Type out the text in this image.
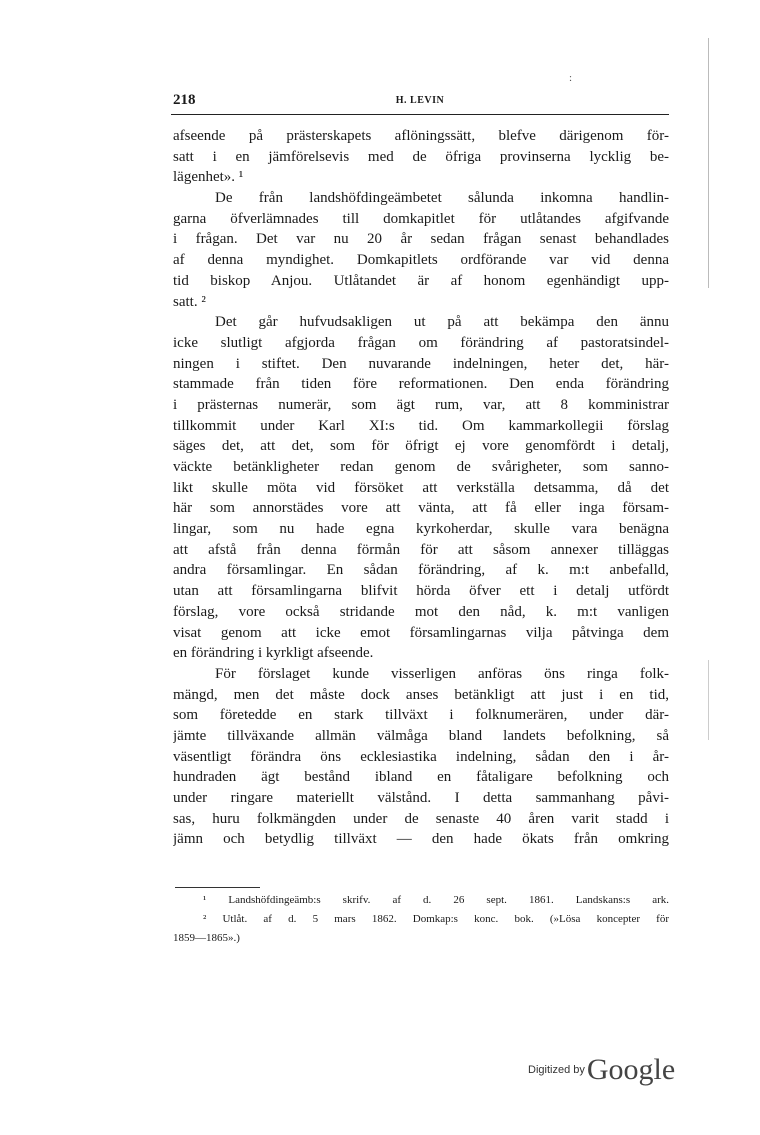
:
218	H. LEVIN
afseende på prästerskapets aflöningssätt, blefve därigenom för-
satt i en jämförelsevis med de öfriga provinserna lycklig be-
lägenhet». ¹
De från landshöfdingeämbetet sålunda inkomna handlin-
garna öfverlämnades till domkapitlet för utlåtandes afgifvande
i frågan. Det var nu 20 år sedan frågan senast behandlades
af denna myndighet. Domkapitlets ordförande var vid denna
tid biskop Anjou. Utlåtandet är af honom egenhändigt upp-
satt. ²
Det går hufvudsakligen ut på att bekämpa den ännu
icke slutligt afgjorda frågan om förändring af pastoratsindel-
ningen i stiftet. Den nuvarande indelningen, heter det, här-
stammade från tiden före reformationen. Den enda förändring
i prästernas numerär, som ägt rum, var, att 8 komministrar
tillkommit under Karl XI:s tid. Om kammarkollegii förslag
säges det, att det, som för öfrigt ej vore genomfördt i detalj,
väckte betänkligheter redan genom de svårigheter, som sanno-
likt skulle möta vid försöket att verkställa detsamma, då det
här som annorstädes vore att vänta, att få eller inga försam-
lingar, som nu hade egna kyrkoherdar, skulle vara benägna
att afstå från denna förmån för att såsom annexer tilläggas
andra församlingar. En sådan förändring, af k. m:t anbefalld,
utan att församlingarna blifvit hörda öfver ett i detalj utfördt
förslag, vore också stridande mot den nåd, k. m:t vanligen
visat genom att icke emot församlingarnas vilja påtvinga dem
en förändring i kyrkligt afseende.
För förslaget kunde visserligen anföras öns ringa folk-
mängd, men det måste dock anses betänkligt att just i en tid,
som företedde en stark tillväxt i folknumerären, under där-
jämte tillväxande allmän välmåga bland landets befolkning, så
väsentligt förändra öns ecklesiastika indelning, sådan den i år-
hundraden ägt bestånd ibland en fåtaligare befolkning och
under ringare materiellt välstånd. I detta sammanhang påvi-
sas, huru folkmängden under de senaste 40 åren varit stadd i
jämn och betydlig tillväxt — den hade ökats från omkring
¹ Landshöfdingeämb:s skrifv. af d. 26 sept. 1861. Landskans:s ark.
² Utlåt. af d. 5 mars 1862. Domkap:s konc. bok. (»Lösa koncepter för
1859—1865».)
Digitized byGoogle
